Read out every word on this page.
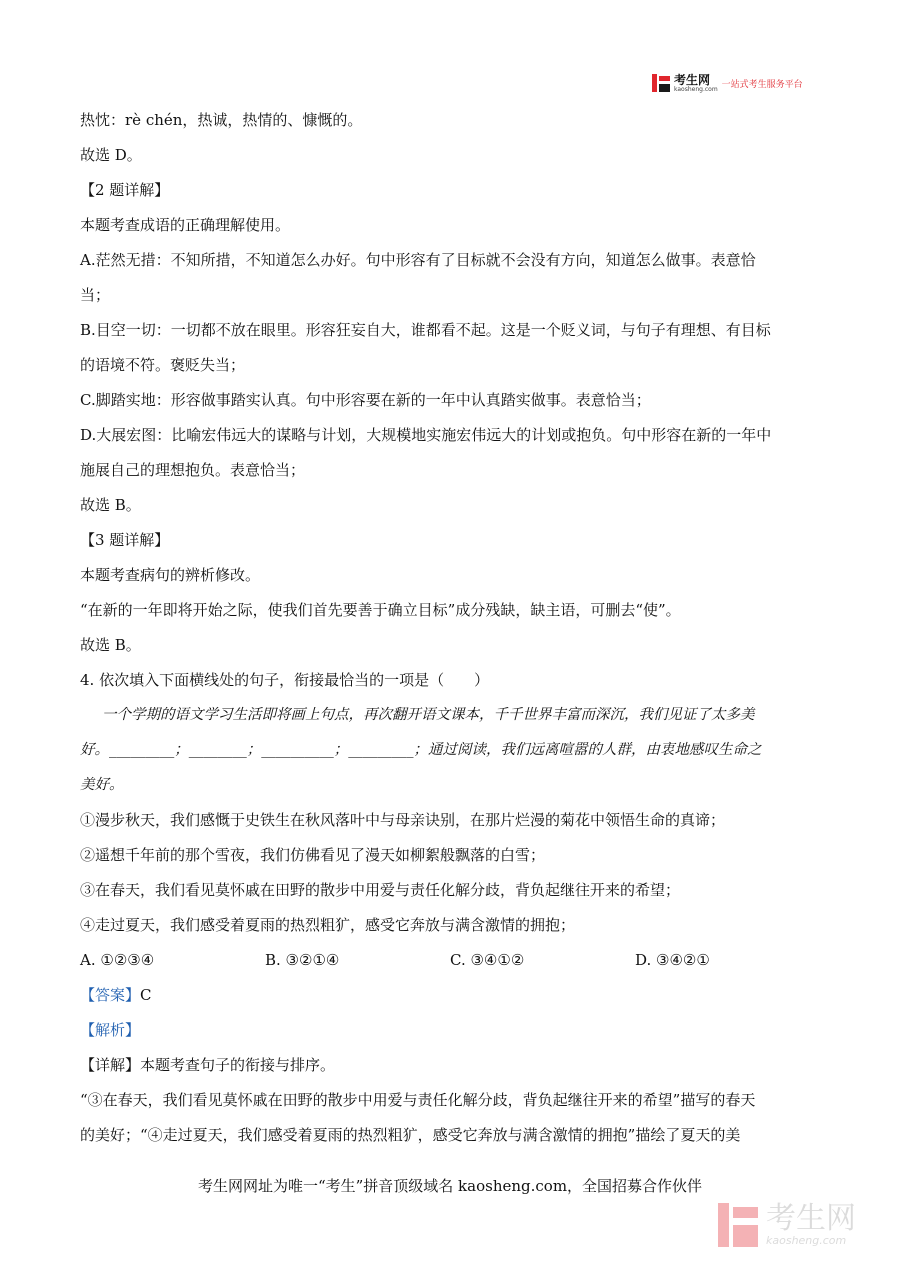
考生网
kaosheng.com 一站式考生服务平台
热忱：rè chén，热诚，热情的、慷慨的。
故选 D。
【2 题详解】
本题考查成语的正确理解使用。
A.茫然无措：不知所措，不知道怎么办好。句中形容有了目标就不会没有方向，知道怎么做事。表意恰
当；
B.目空一切：一切都不放在眼里。形容狂妄自大，谁都看不起。这是一个贬义词，与句子有理想、有目标
的语境不符。褒贬失当；
C.脚踏实地：形容做事踏实认真。句中形容要在新的一年中认真踏实做事。表意恰当；
D.大展宏图：比喻宏伟远大的谋略与计划，大规模地实施宏伟远大的计划或抱负。句中形容在新的一年中
施展自己的理想抱负。表意恰当；
故选 B。
【3 题详解】
本题考查病句的辨析修改。
“在新的一年即将开始之际，使我们首先要善于确立目标”成分残缺，缺主语，可删去“使”。
故选 B。
4. 依次填入下面横线处的句子，衔接最恰当的一项是（　　）
一个学期的语文学习生活即将画上句点，再次翻开语文课本，千千世界丰富而深沉，我们见证了太多美
好。_________；________；__________；_________；通过阅读，我们远离喧嚣的人群，由衷地感叹生命之
美好。
①漫步秋天，我们感慨于史铁生在秋风落叶中与母亲诀别，在那片烂漫的菊花中领悟生命的真谛；
②遥想千年前的那个雪夜，我们仿佛看见了漫天如柳絮般飘落的白雪；
③在春天，我们看见莫怀戚在田野的散步中用爱与责任化解分歧，背负起继往开来的希望；
④走过夏天，我们感受着夏雨的热烈粗犷，感受它奔放与满含激情的拥抱；
A. ①②③④	B. ③②①④	C. ③④①②	D. ③④②①
【答案】C
【解析】
【详解】本题考查句子的衔接与排序。
“③在春天，我们看见莫怀戚在田野的散步中用爱与责任化解分歧，背负起继往开来的希望”描写的春天
的美好；“④走过夏天，我们感受着夏雨的热烈粗犷，感受它奔放与满含激情的拥抱”描绘了夏天的美
考生网网址为唯一“考生”拼音顶级域名 kaosheng.com，全国招募合作伙伴
考生网
kaosheng.com
